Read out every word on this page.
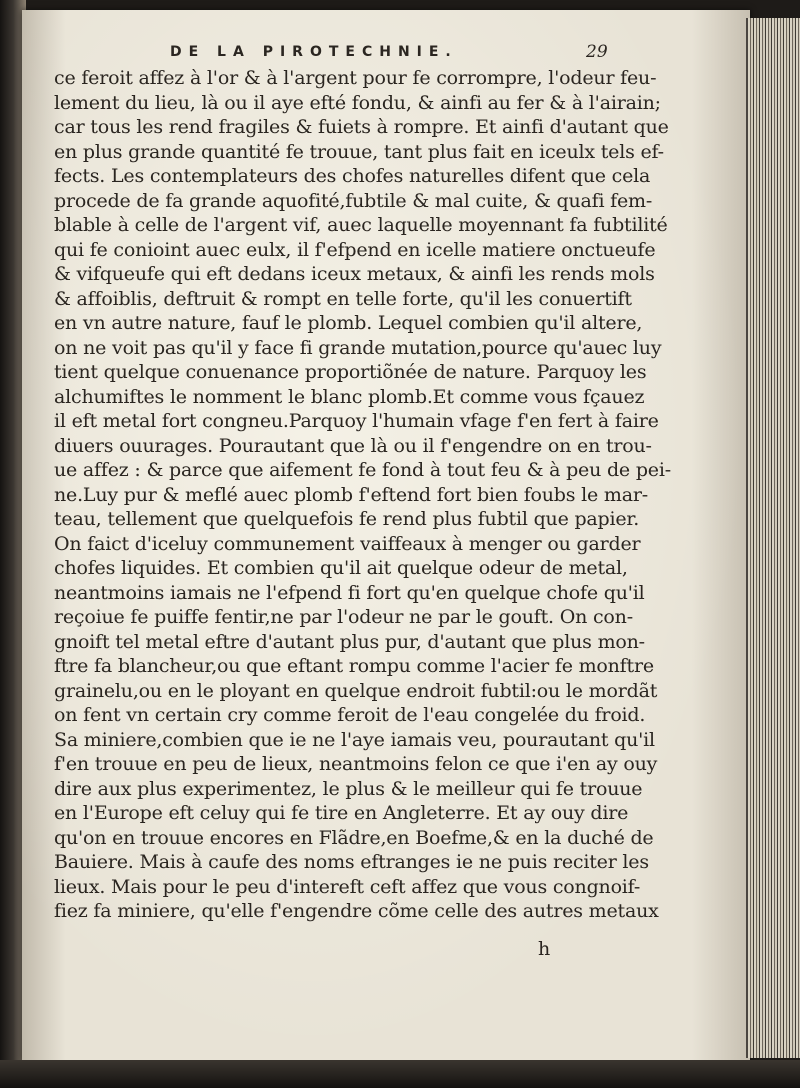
DE LA PIROTECHNIE.	29
ce feroit affez à l'or & à l'argent pour fe corrompre, l'odeur feu-
lement du lieu, là ou il aye efté fondu, & ainfi au fer & à l'airain;
car tous les rend fragiles & fuiets à rompre. Et ainfi d'autant que
en plus grande quantité fe trouue, tant plus fait en iceulx tels ef-
fects. Les contemplateurs des chofes naturelles difent que cela
procede de fa grande aquofité,fubtile & mal cuite, & quafi fem-
blable à celle de l'argent vif, auec laquelle moyennant fa fubtilité
qui fe conioint auec eulx, il f'efpend en icelle matiere onctueufe
& vifqueufe qui eft dedans iceux metaux, & ainfi les rends mols
& affoiblis, deftruit & rompt en telle forte, qu'il les conuertift
en vn autre nature, fauf le plomb. Lequel combien qu'il altere,
on ne voit pas qu'il y face fi grande mutation,pource qu'auec luy
tient quelque conuenance proportiõnée de nature. Parquoy les
alchumiftes le nomment le blanc plomb.Et comme vous fçauez
il eft metal fort congneu.Parquoy l'humain vfage f'en fert à faire
diuers ouurages. Pourautant que là ou il f'engendre on en trou-
ue affez : & parce que aifement fe fond à tout feu & à peu de pei-
ne.Luy pur & meflé auec plomb f'eftend fort bien foubs le mar-
teau, tellement que quelquefois fe rend plus fubtil que papier.
On faict d'iceluy communement vaiffeaux à menger ou garder
chofes liquides. Et combien qu'il ait quelque odeur de metal,
neantmoins iamais ne l'efpend fi fort qu'en quelque chofe qu'il
reçoiue fe puiffe fentir,ne par l'odeur ne par le gouft. On con-
gnoift tel metal eftre d'autant plus pur, d'autant que plus mon-
ftre fa blancheur,ou que eftant rompu comme l'acier fe monftre
grainelu,ou en le ployant en quelque endroit fubtil:ou le mordãt
on fent vn certain cry comme feroit de l'eau congelée du froid.
Sa miniere,combien que ie ne l'aye iamais veu, pourautant qu'il
f'en trouue en peu de lieux, neantmoins felon ce que i'en ay ouy
dire aux plus experimentez, le plus & le meilleur qui fe trouue
en l'Europe eft celuy qui fe tire en Angleterre. Et ay ouy dire
qu'on en trouue encores en Flãdre,en Boefme,& en la duché de
Bauiere. Mais à caufe des noms eftranges ie ne puis reciter les
lieux. Mais pour le peu d'intereft ceft affez que vous congnoif-
fiez fa miniere, qu'elle f'engendre cõme celle des autres metaux
h
